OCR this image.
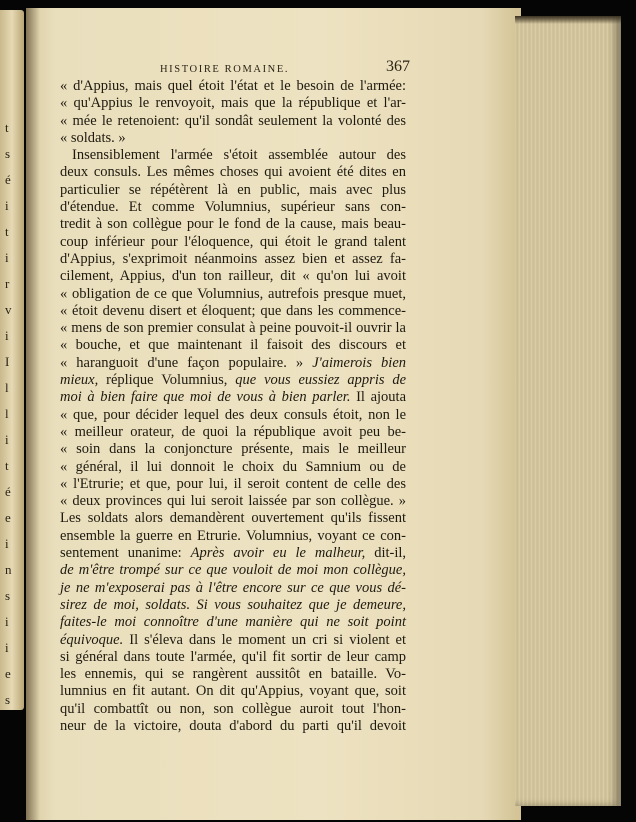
t
s
é
i
t
i
r
v
i
I
l
l
i
t
é
e
i
n
s
i
i
e
s
HISTOIRE ROMAINE.	367
« d'Appius, mais quel étoit l'état et le besoin de l'armée:
« qu'Appius le renvoyoit, mais que la république et l'ar-
« mée le retenoient: qu'il sondât seulement la volonté des
« soldats. »
Insensiblement l'armée s'étoit assemblée autour des
deux consuls. Les mêmes choses qui avoient été dites en
particulier se répétèrent là en public, mais avec plus
d'étendue. Et comme Volumnius, supérieur sans con-
tredit à son collègue pour le fond de la cause, mais beau-
coup inférieur pour l'éloquence, qui étoit le grand talent
d'Appius, s'exprimoit néanmoins assez bien et assez fa-
cilement, Appius, d'un ton railleur, dit « qu'on lui avoit
« obligation de ce que Volumnius, autrefois presque muet,
« étoit devenu disert et éloquent; que dans les commence-
« mens de son premier consulat à peine pouvoit-il ouvrir la
« bouche, et que maintenant il faisoit des discours et
« haranguoit d'une façon populaire. » J'aimerois bien
mieux, réplique Volumnius, que vous eussiez appris de
moi à bien faire que moi de vous à bien parler. Il ajouta
« que, pour décider lequel des deux consuls étoit, non le
« meilleur orateur, de quoi la république avoit peu be-
« soin dans la conjoncture présente, mais le meilleur
« général, il lui donnoit le choix du Samnium ou de
« l'Etrurie; et que, pour lui, il seroit content de celle des
« deux provinces qui lui seroit laissée par son collègue. »
Les soldats alors demandèrent ouvertement qu'ils fissent
ensemble la guerre en Etrurie. Volumnius, voyant ce con-
sentement unanime: Après avoir eu le malheur, dit-il,
de m'être trompé sur ce que vouloit de moi mon collègue,
je ne m'exposerai pas à l'être encore sur ce que vous dé-
sirez de moi, soldats. Si vous souhaitez que je demeure,
faites-le moi connoître d'une manière qui ne soit point
équivoque. Il s'éleva dans le moment un cri si violent et
si général dans toute l'armée, qu'il fit sortir de leur camp
les ennemis, qui se rangèrent aussitôt en bataille. Vo-
lumnius en fit autant. On dit qu'Appius, voyant que, soit
qu'il combattît ou non, son collègue auroit tout l'hon-
neur de la victoire, douta d'abord du parti qu'il devoit
